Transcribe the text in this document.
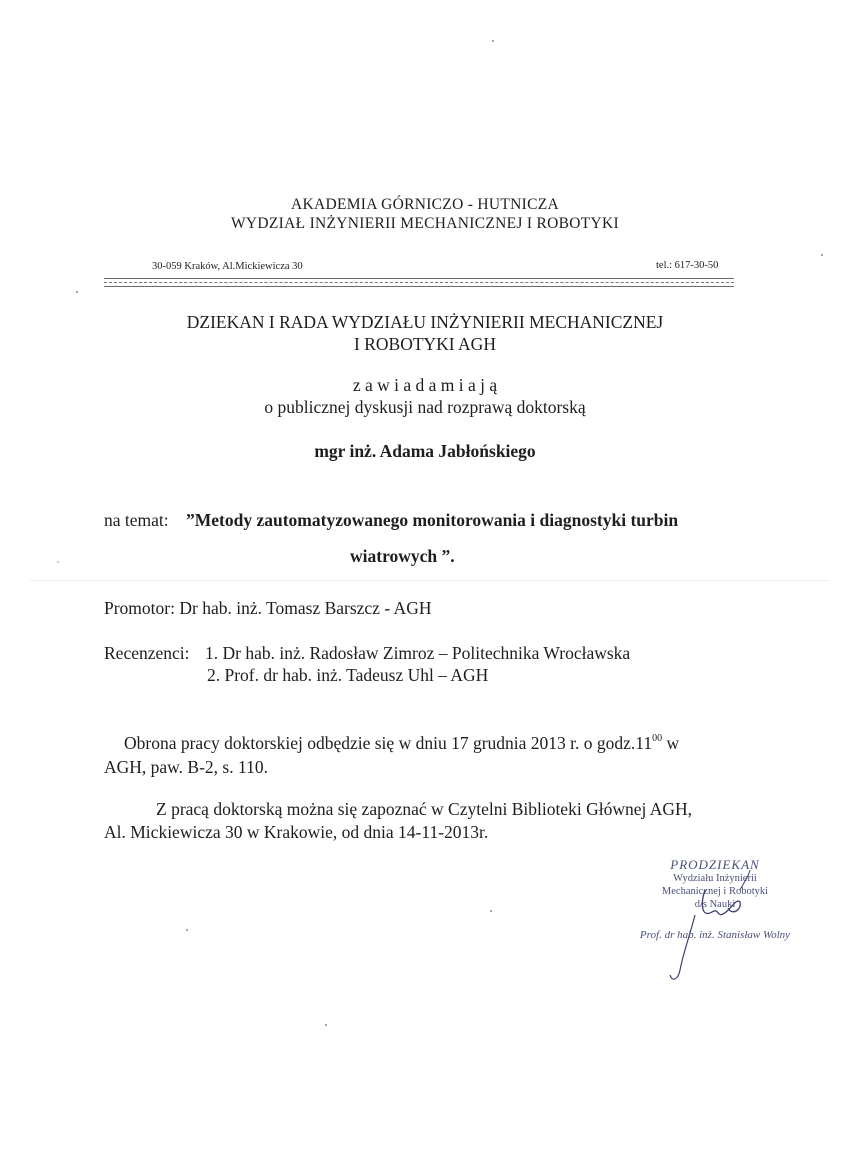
AKADEMIA GÓRNICZO - HUTNICZA
WYDZIAŁ INŻYNIERII MECHANICZNEJ I ROBOTYKI
30-059 Kraków, Al.Mickiewicza 30	tel.: 617-30-50
DZIEKAN I RADA WYDZIAŁU INŻYNIERII MECHANICZNEJ
I ROBOTYKI AGH
z a w i a d a m i a j ą
o publicznej dyskusji nad rozprawą doktorską
mgr inż. Adama Jabłońskiego
na temat: ”Metody zautomatyzowanego monitorowania i diagnostyki turbin
wiatrowych ”.
Promotor: Dr hab. inż. Tomasz Barszcz - AGH
Recenzenci: 1. Dr hab. inż. Radosław Zimroz – Politechnika Wrocławska
2. Prof. dr hab. inż. Tadeusz Uhl – AGH
Obrona pracy doktorskiej odbędzie się w dniu 17 grudnia 2013 r. o $godz.11^{00}$ w
AGH, paw. B-2, s. 110.
Z pracą doktorską można się zapoznać w Czytelni Biblioteki Głównej AGH,
Al. Mickiewicza 30 w Krakowie, od dnia 14-11-2013r.
PRODZIEKAN
Wydziału Inżynierii
Mechanicznej i Robotyki
d/s Nauki
Prof. dr hab. inż. Stanisław Wolny
